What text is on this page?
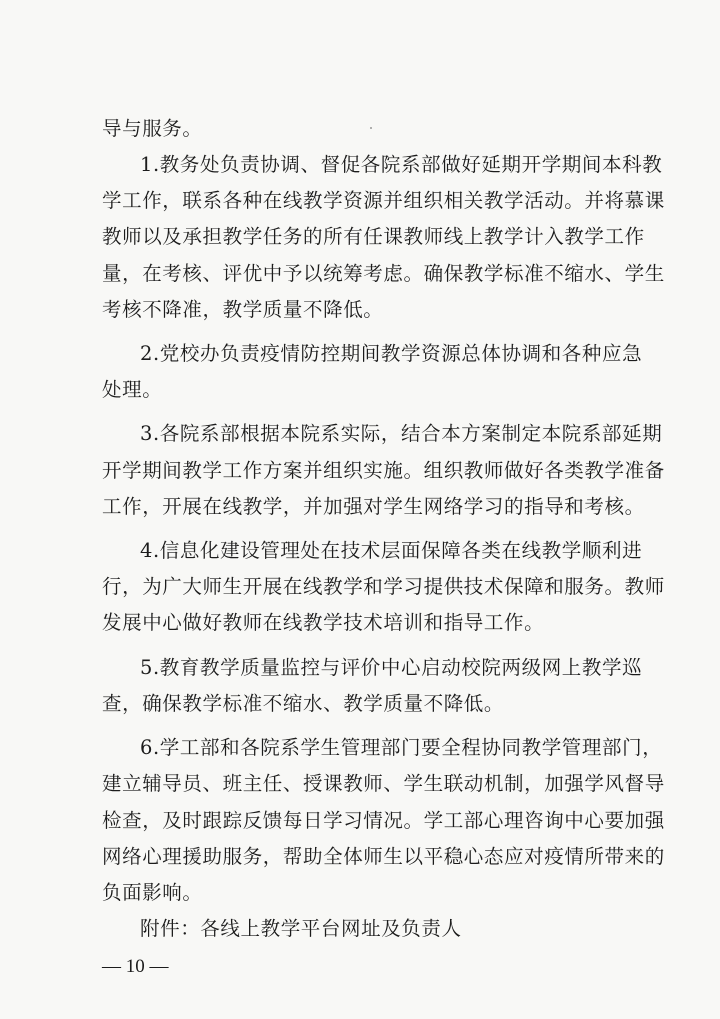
导与服务。
1.教务处负责协调、督促各院系部做好延期开学期间本科教
学工作，联系各种在线教学资源并组织相关教学活动。并将慕课
教师以及承担教学任务的所有任课教师线上教学计入教学工作
量，在考核、评优中予以统筹考虑。确保教学标准不缩水、学生
考核不降准，教学质量不降低。
2.党校办负责疫情防控期间教学资源总体协调和各种应急
处理。
3.各院系部根据本院系实际，结合本方案制定本院系部延期
开学期间教学工作方案并组织实施。组织教师做好各类教学准备
工作，开展在线教学，并加强对学生网络学习的指导和考核。
4.信息化建设管理处在技术层面保障各类在线教学顺利进
行，为广大师生开展在线教学和学习提供技术保障和服务。教师
发展中心做好教师在线教学技术培训和指导工作。
5.教育教学质量监控与评价中心启动校院两级网上教学巡
查，确保教学标准不缩水、教学质量不降低。
6.学工部和各院系学生管理部门要全程协同教学管理部门，
建立辅导员、班主任、授课教师、学生联动机制，加强学风督导
检查，及时跟踪反馈每日学习情况。学工部心理咨询中心要加强
网络心理援助服务，帮助全体师生以平稳心态应对疫情所带来的
负面影响。
附件：各线上教学平台网址及负责人
— 10 —
